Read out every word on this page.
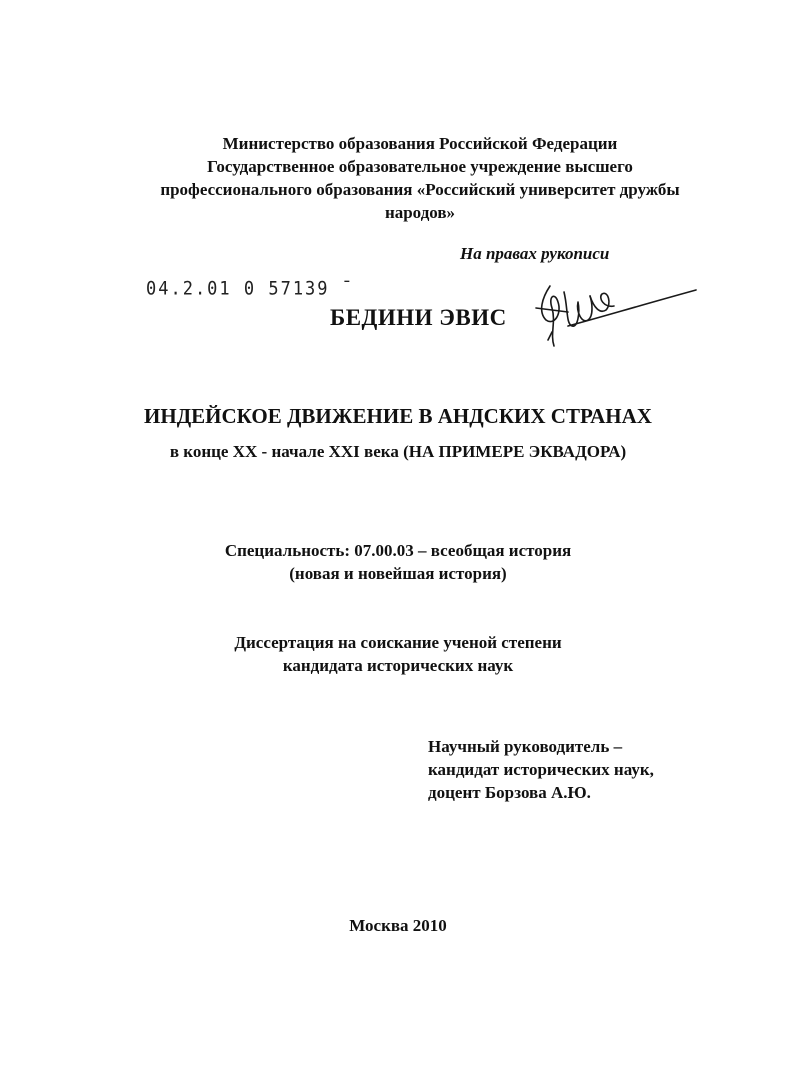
Министерство образования Российской Федерации
Государственное образовательное учреждение высшего
профессионального образования «Российский университет дружбы
народов»
На правах рукописи
04.2.01 0 57139 ˉ
БЕДИНИ ЭВИС
ИНДЕЙСКОЕ ДВИЖЕНИЕ В АНДСКИХ СТРАНАХ
в конце XX - начале XXI века (НА ПРИМЕРЕ ЭКВАДОРА)
Специальность: 07.00.03 – всеобщая история
(новая и новейшая история)
Диссертация на соискание ученой степени
кандидата исторических наук
Научный руководитель –
кандидат исторических наук,
доцент Борзова А.Ю.
Москва 2010
